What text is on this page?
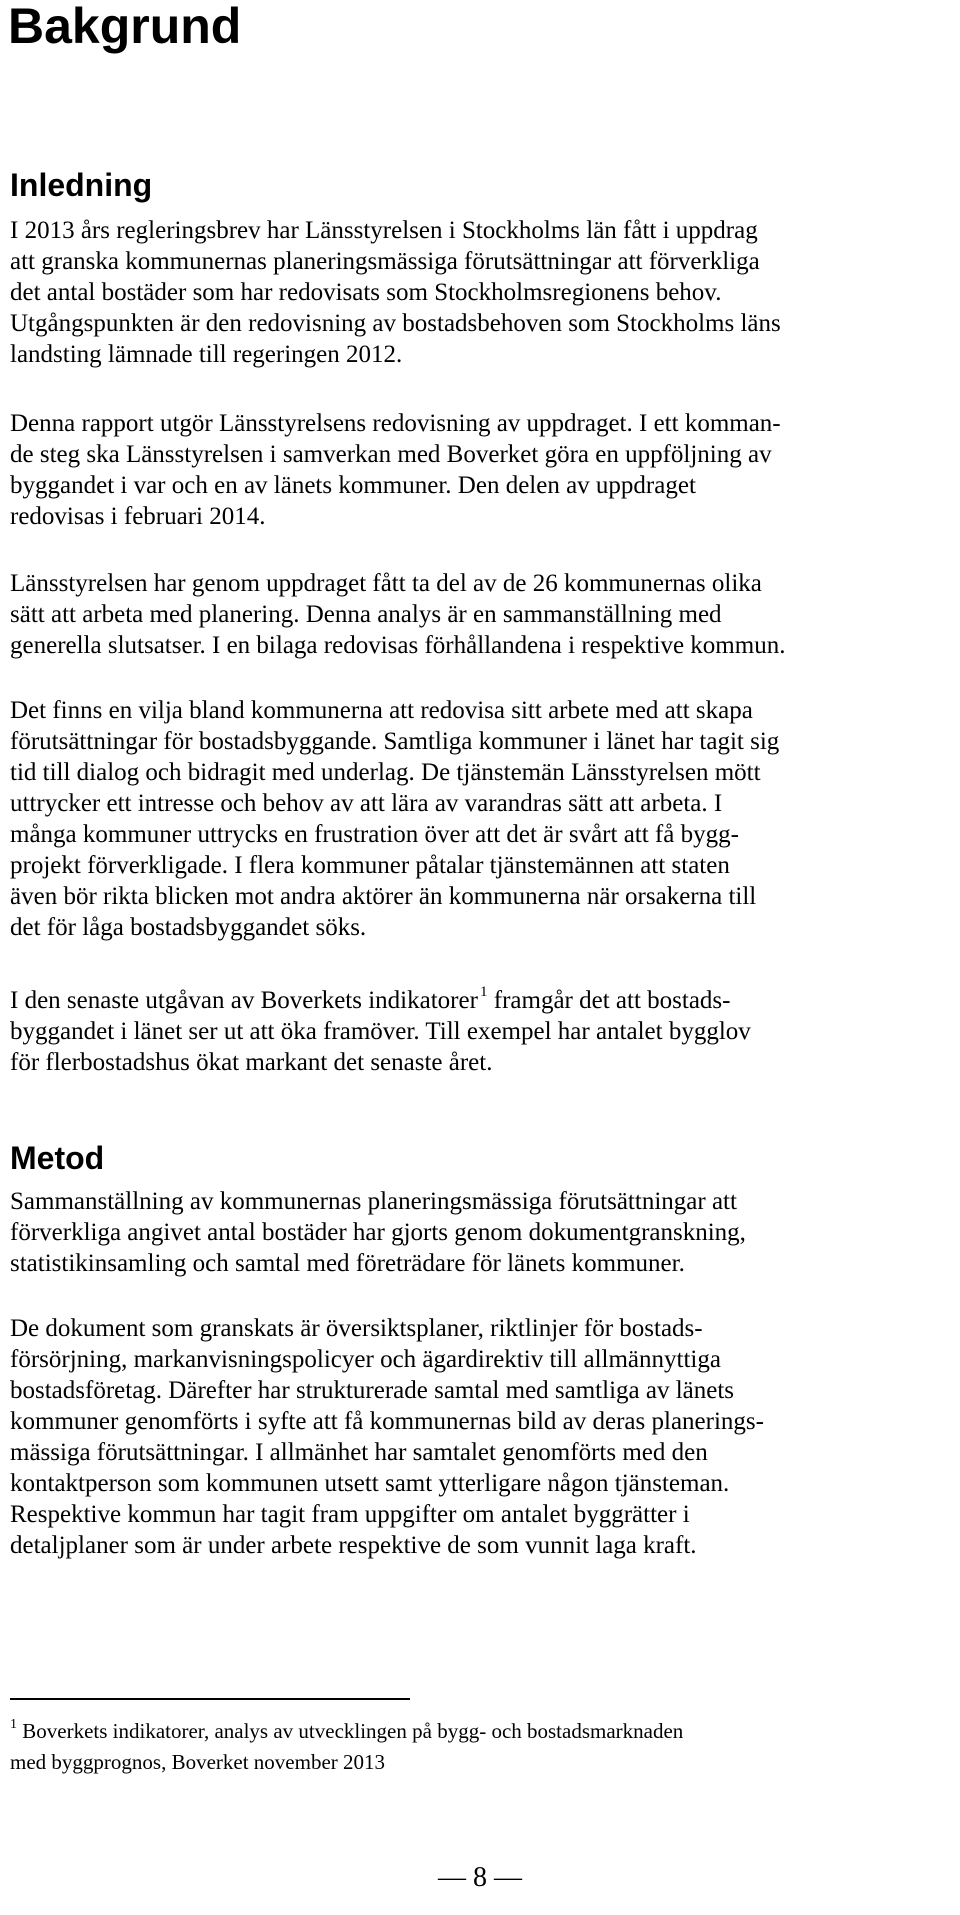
Bakgrund
Inledning

I 2013 års regleringsbrev har Länsstyrelsen i Stockholms län fått i uppdrag
att granska kommunernas planeringsmässiga förutsättningar att förverkliga
det antal bostäder som har redovisats som Stockholmsregionens behov.
Utgångspunkten är den redovisning av bostadsbehoven som Stockholms läns
landsting lämnade till regeringen 2012.

Denna rapport utgör Länsstyrelsens redovisning av uppdraget. I ett komman-
de steg ska Länsstyrelsen i samverkan med Boverket göra en uppföljning av
byggandet i var och en av länets kommuner. Den delen av uppdraget
redovisas i februari 2014.

Länsstyrelsen har genom uppdraget fått ta del av de 26 kommunernas olika
sätt att arbeta med planering. Denna analys är en sammanställning med
generella slutsatser. I en bilaga redovisas förhållandena i respektive kommun.

Det finns en vilja bland kommunerna att redovisa sitt arbete med att skapa
förutsättningar för bostadsbyggande. Samtliga kommuner i länet har tagit sig
tid till dialog och bidragit med underlag. De tjänstemän Länsstyrelsen mött
uttrycker ett intresse och behov av att lära av varandras sätt att arbeta. I
många kommuner uttrycks en frustration över att det är svårt att få bygg-
projekt förverkligade. I flera kommuner påtalar tjänstemännen att staten
även bör rikta blicken mot andra aktörer än kommunerna när orsakerna till
det för låga bostadsbyggandet söks.

I den senaste utgåvan av Boverkets indikatorer  $^1$ framgår det att bostads-
byggandet i länet ser ut att öka framöver. Till exempel har antalet bygglov
för flerbostadshus ökat markant det senaste året.

Metod

Sammanställning av kommunernas planeringsmässiga förutsättningar att
förverkliga angivet antal bostäder har gjorts genom dokumentgranskning,
statistikinsamling och samtal med företrädare för länets kommuner.

De dokument som granskats är översiktsplaner, riktlinjer för bostads-
försörjning, markanvisningspolicyer och ägardirektiv till allmännyttiga
bostadsföretag. Därefter har strukturerade samtal med samtliga av länets
kommuner genomförts i syfte att få kommunernas bild av deras planerings-
mässiga förutsättningar. I allmänhet har samtalet genomförts med den
kontaktperson som kommunen utsett samt ytterligare någon tjänsteman.
Respektive kommun har tagit fram uppgifter om antalet byggrätter i
detaljplaner som är under arbete respektive de som vunnit laga kraft.

$^1$ Boverkets indikatorer, analys av utvecklingen på bygg- och bostadsmarknaden
med byggprognos, Boverket november 2013

— 8 —
